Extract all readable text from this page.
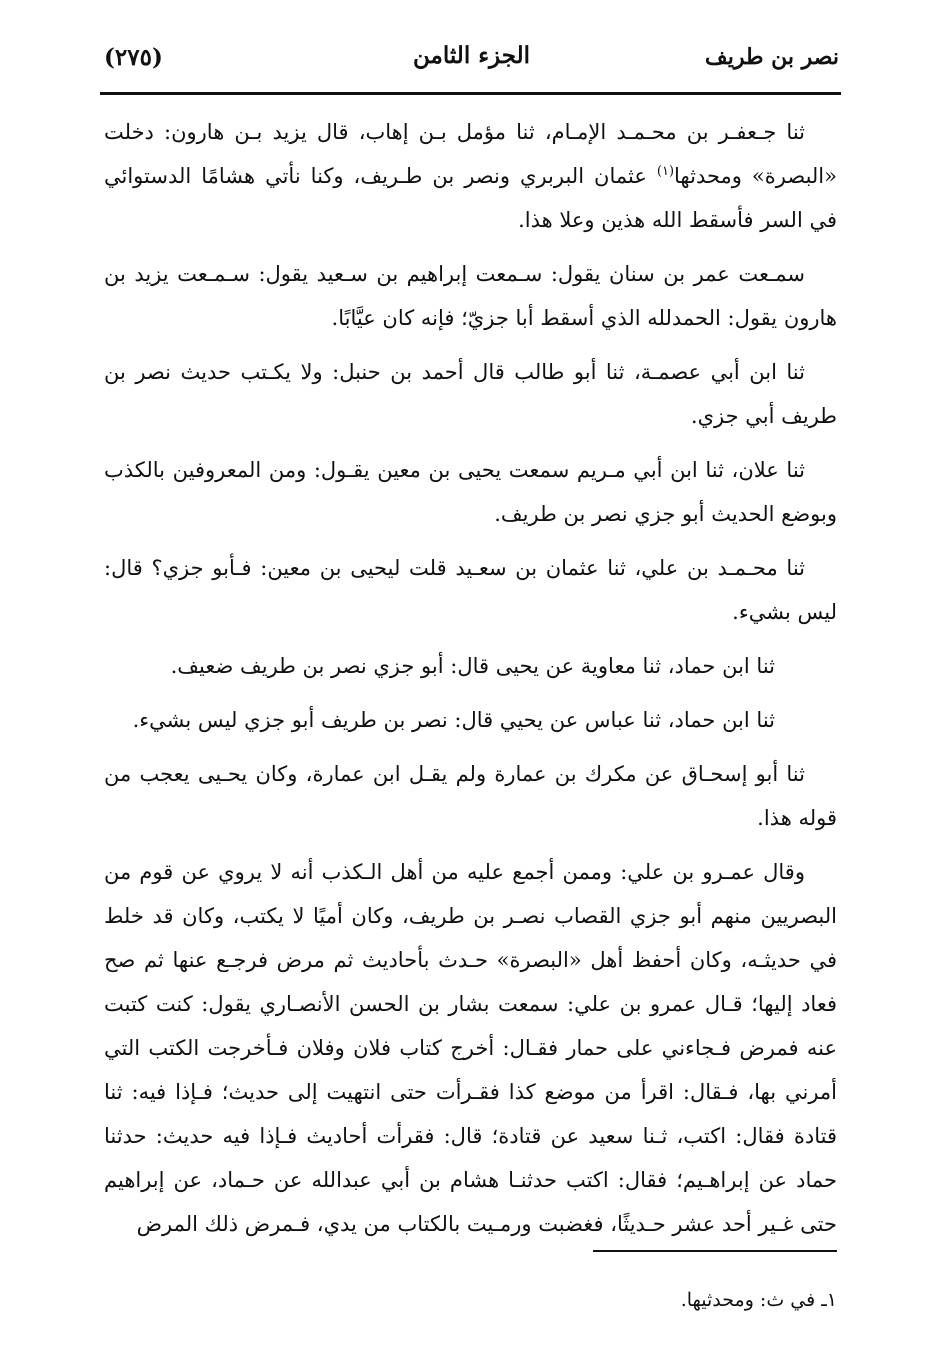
نصر بن طريف
الجزء الثامن
(٢٧٥)

ثنا جـعفـر بن محـمـد الإمـام، ثنا مؤمل بـن إهاب، قال يزيد بـن هارون: دخلت «البصرة» ومحدثها$^{(١)}$ عثمان البربري ونصر بن طـريف، وكنا نأتي هشامًا الدستوائي في السر فأسقط الله هذين وعلا هذا.

سمـعت عمر بن سنان يقول: سـمعت إبراهيم بن سـعيد يقول: سـمـعت يزيد بن هارون يقول: الحمدلله الذي أسقط أبا جزيّ؛ فإنه كان عيَّابًا.

ثنا ابن أبي عصمـة، ثنا أبو طالب قال أحمد بن حنبل: ولا يكـتب حديث نصر بن طريف أبي جزي.

ثنا علان، ثنا ابن أبي مـريم سمعت يحيى بن معين يقـول: ومن المعروفين بالكذب وبوضع الحديث أبو جزي نصر بن طريف.

ثنا محـمـد بن علي، ثنا عثمان بن سعـيد قلت ليحيى بن معين: فـأبو جزي؟ قال: ليس بشيء.

ثنا ابن حماد، ثنا معاوية عن يحيى قال: أبو جزي نصر بن طريف ضعيف.

ثنا ابن حماد، ثنا عباس عن يحيي قال: نصر بن طريف أبو جزي ليس بشيء.

ثنا أبو إسحـاق عن مكرك بن عمارة ولم يقـل ابن عمارة، وكان يحـيى يعجب من قوله هذا.

وقال عمـرو بن علي: وممن أجمع عليه من أهل الـكذب أنه لا يروي عن قوم من البصريين منهم أبو جزي القصاب نصـر بن طريف، وكان أميًا لا يكتب، وكان قد خلط في حديثـه، وكان أحفظ أهل «البصرة» حـدث بأحاديث ثم مرض فرجـع عنها ثم صح فعاد إليها؛ قـال عمرو بن علي: سمعت بشار بن الحسن الأنصـاري يقول: كنت كتبت عنه فمرض فـجاءني على حمار فقـال: أخرج كتاب فلان وفلان فـأخرجت الكتب التي أمرني بها، فـقال: اقرأ من موضع كذا فقـرأت حتى انتهيت إلى حديث؛ فـإذا فيه: ثنا قتادة فقال: اكتب، ثـنا سعيد عن قتادة؛ قال: فقرأت أحاديث فـإذا فيه حديث: حدثنا حماد عن إبراهـيم؛ فقال: اكتب حدثنـا هشام بن أبي عبدالله عن حـماد، عن إبراهيم حتى غـير أحد عشر حـديثًا، فغضبت ورمـيت بالكتاب من يدي، فـمرض ذلك المرض

١ـ في ث: ومحدثيها.
